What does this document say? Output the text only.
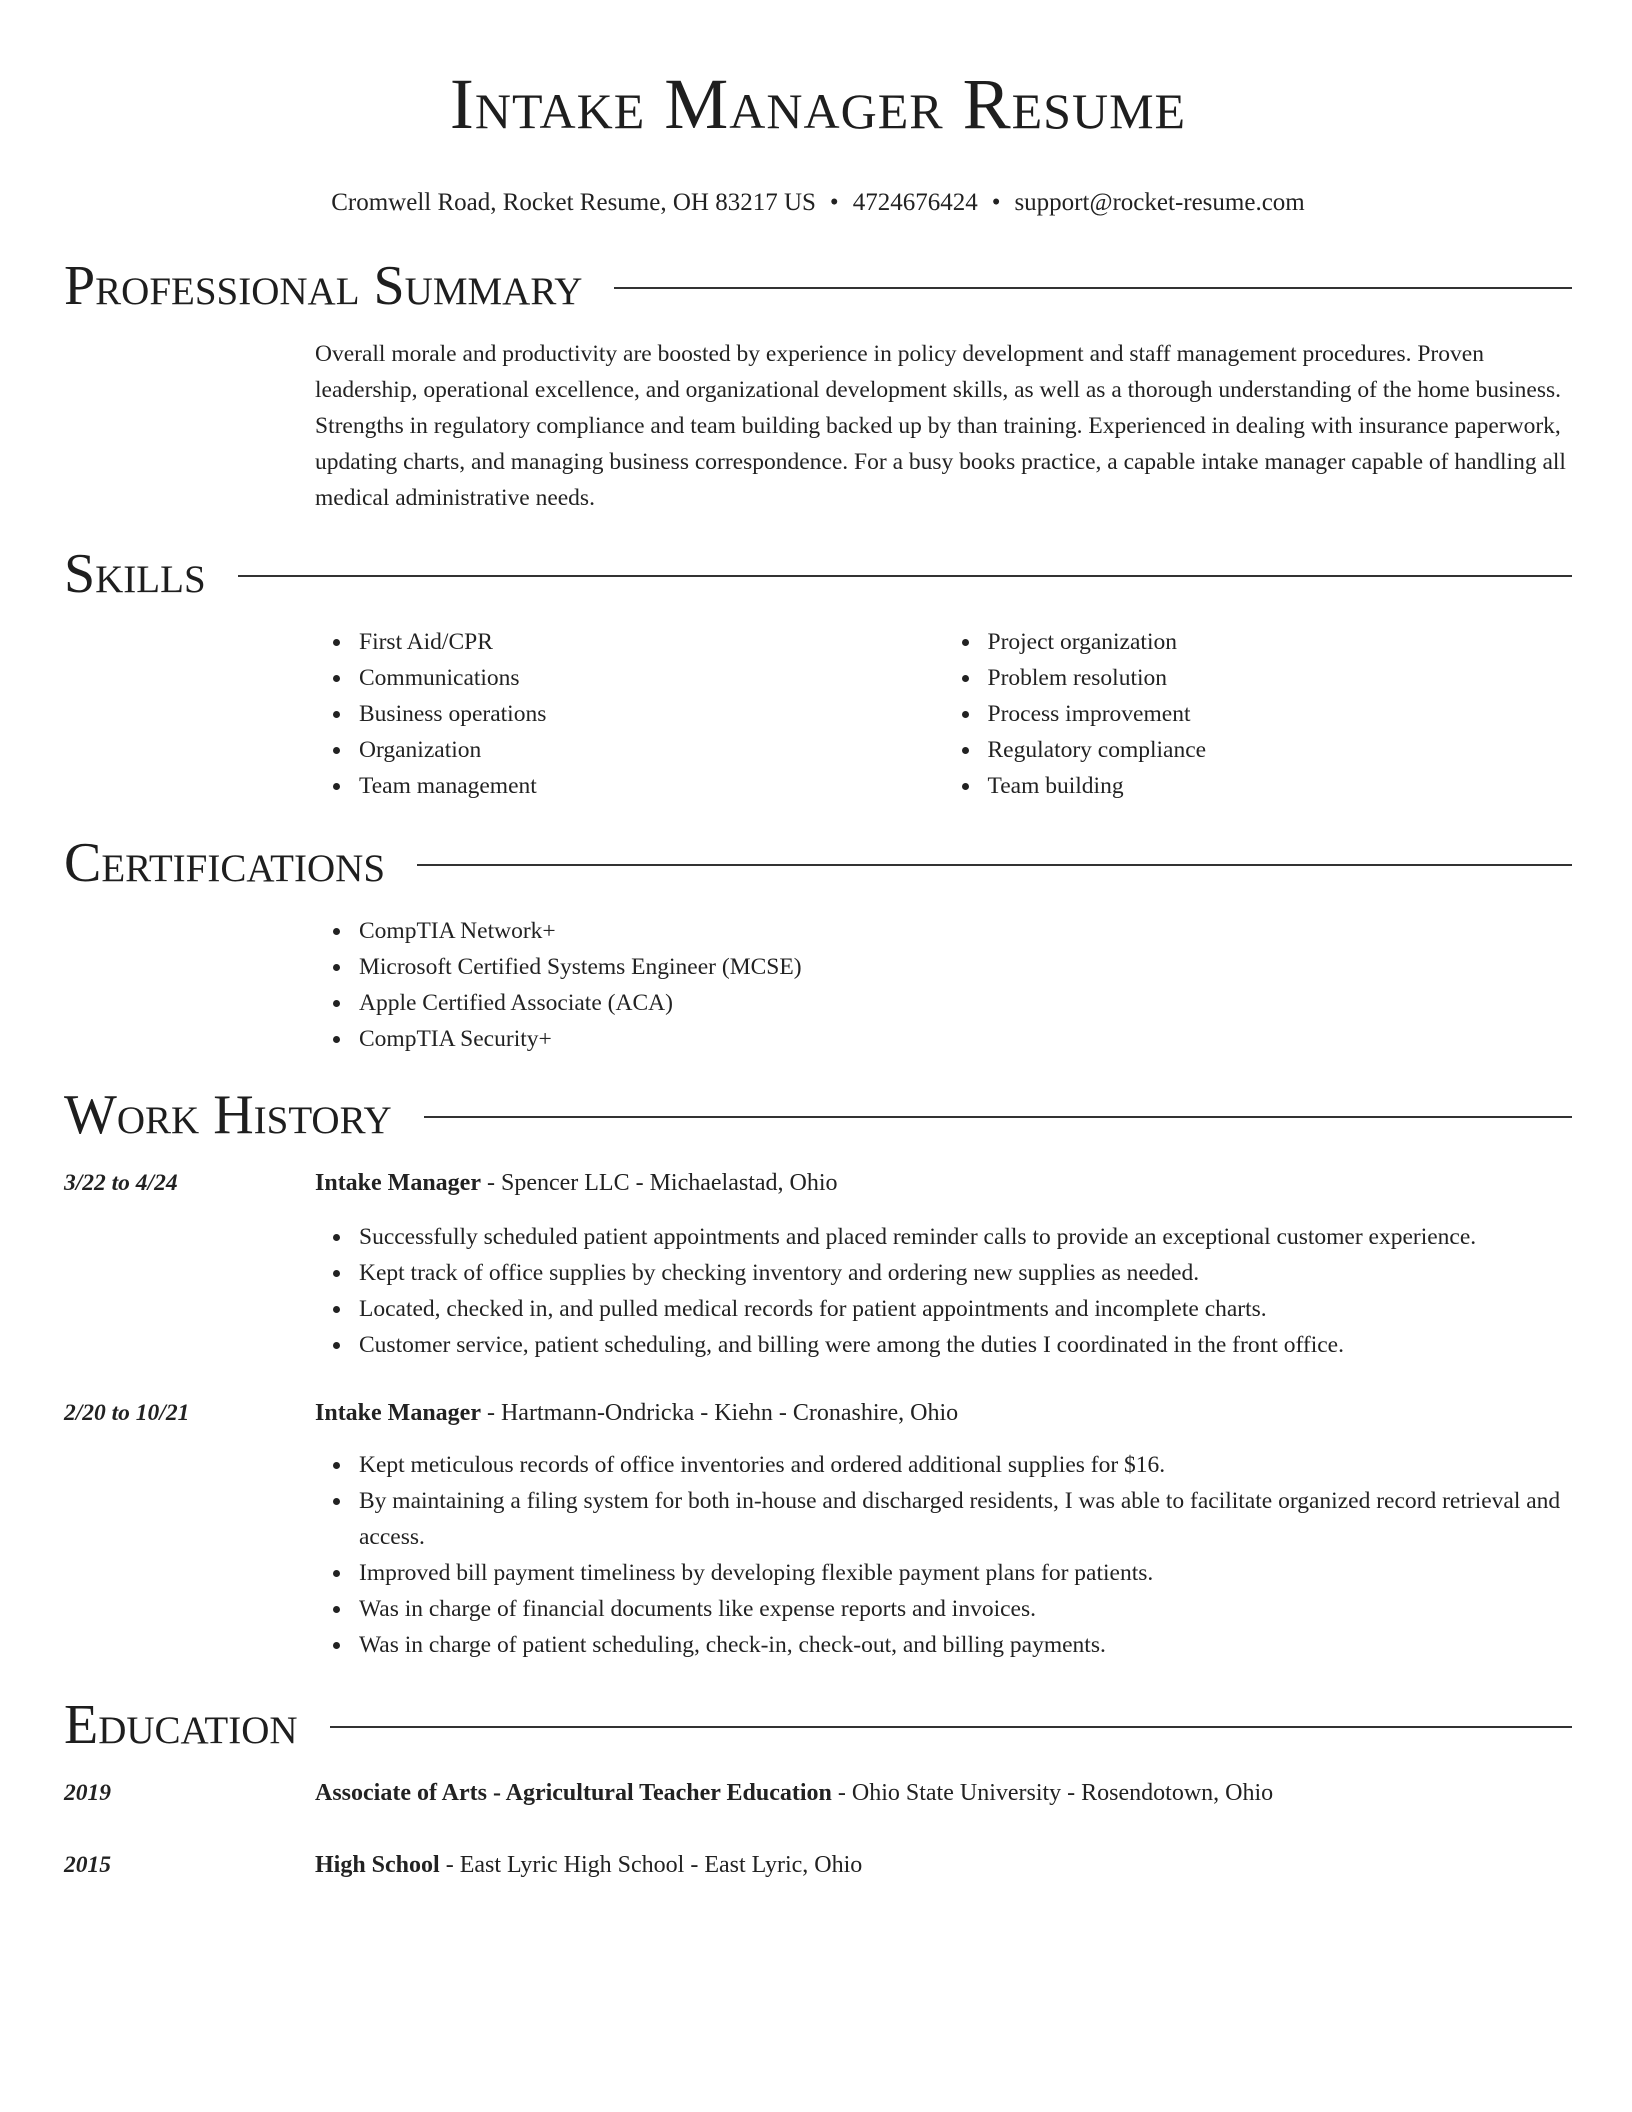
Intake Manager Resume
Cromwell Road, Rocket Resume, OH 83217 US • 4724676424 • support@rocket-resume.com
Professional Summary

Overall morale and productivity are boosted by experience in policy development and staff management procedures. Proven leadership, operational excellence, and organizational development skills, as well as a thorough understanding of the home business. Strengths in regulatory compliance and team building backed up by than training. Experienced in dealing with insurance paperwork, updating charts, and managing business correspondence. For a busy books practice, a capable intake manager capable of handling all medical administrative needs.

Skills
First Aid/CPR
Communications
Business operations
Organization
Team management
Project organization
Problem resolution
Process improvement
Regulatory compliance
Team building
Certifications
CompTIA Network+
Microsoft Certified Systems Engineer (MCSE)
Apple Certified Associate (ACA)
CompTIA Security+
Work History
3/22 to 4/24	Intake Manager - Spencer LLC - Michaelastad, Ohio
Successfully scheduled patient appointments and placed reminder calls to provide an exceptional customer experience.
Kept track of office supplies by checking inventory and ordering new supplies as needed.
Located, checked in, and pulled medical records for patient appointments and incomplete charts.
Customer service, patient scheduling, and billing were among the duties I coordinated in the front office.
2/20 to 10/21	Intake Manager - Hartmann-Ondricka - Kiehn - Cronashire, Ohio
Kept meticulous records of office inventories and ordered additional supplies for $16.
By maintaining a filing system for both in-house and discharged residents, I was able to facilitate organized record retrieval and access.
Improved bill payment timeliness by developing flexible payment plans for patients.
Was in charge of financial documents like expense reports and invoices.
Was in charge of patient scheduling, check-in, check-out, and billing payments.
Education
2019	Associate of Arts - Agricultural Teacher Education - Ohio State University - Rosendotown, Ohio
2015	High School - East Lyric High School - East Lyric, Ohio
